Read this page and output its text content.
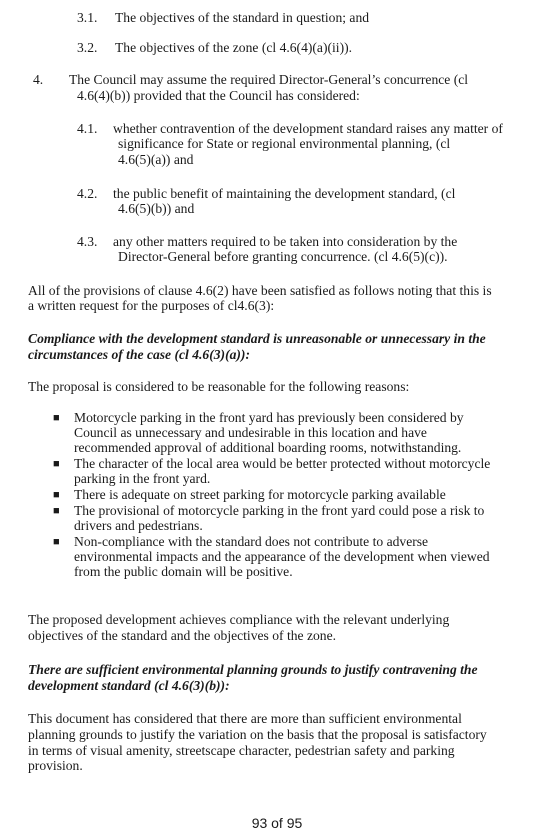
3.1. The objectives of the standard in question; and
3.2. The objectives of the zone (cl 4.6(4)(a)(ii)).
4. The Council may assume the required Director-General’s concurrence (cl
4.6(4)(b)) provided that the Council has considered:
4.1. whether contravention of the development standard raises any matter of
significance for State or regional environmental planning, (cl
4.6(5)(a)) and
4.2. the public benefit of maintaining the development standard, (cl
4.6(5)(b)) and
4.3. any other matters required to be taken into consideration by the
Director-General before granting concurrence. (cl 4.6(5)(c)).
All of the provisions of clause 4.6(2) have been satisfied as follows noting that this is
a written request for the purposes of cl4.6(3):
Compliance with the development standard is unreasonable or unnecessary in the
circumstances of the case (cl 4.6(3)(a)):
The proposal is considered to be reasonable for the following reasons:
■ Motorcycle parking in the front yard has previously been considered by
Council as unnecessary and undesirable in this location and have
recommended approval of additional boarding rooms, notwithstanding.
■ The character of the local area would be better protected without motorcycle
parking in the front yard.
■ There is adequate on street parking for motorcycle parking available
■ The provisional of motorcycle parking in the front yard could pose a risk to
drivers and pedestrians.
■ Non-compliance with the standard does not contribute to adverse
environmental impacts and the appearance of the development when viewed
from the public domain will be positive.
The proposed development achieves compliance with the relevant underlying
objectives of the standard and the objectives of the zone.
There are sufficient environmental planning grounds to justify contravening the
development standard (cl 4.6(3)(b)):
This document has considered that there are more than sufficient environmental
planning grounds to justify the variation on the basis that the proposal is satisfactory
in terms of visual amenity, streetscape character, pedestrian safety and parking
provision.
93 of 95
